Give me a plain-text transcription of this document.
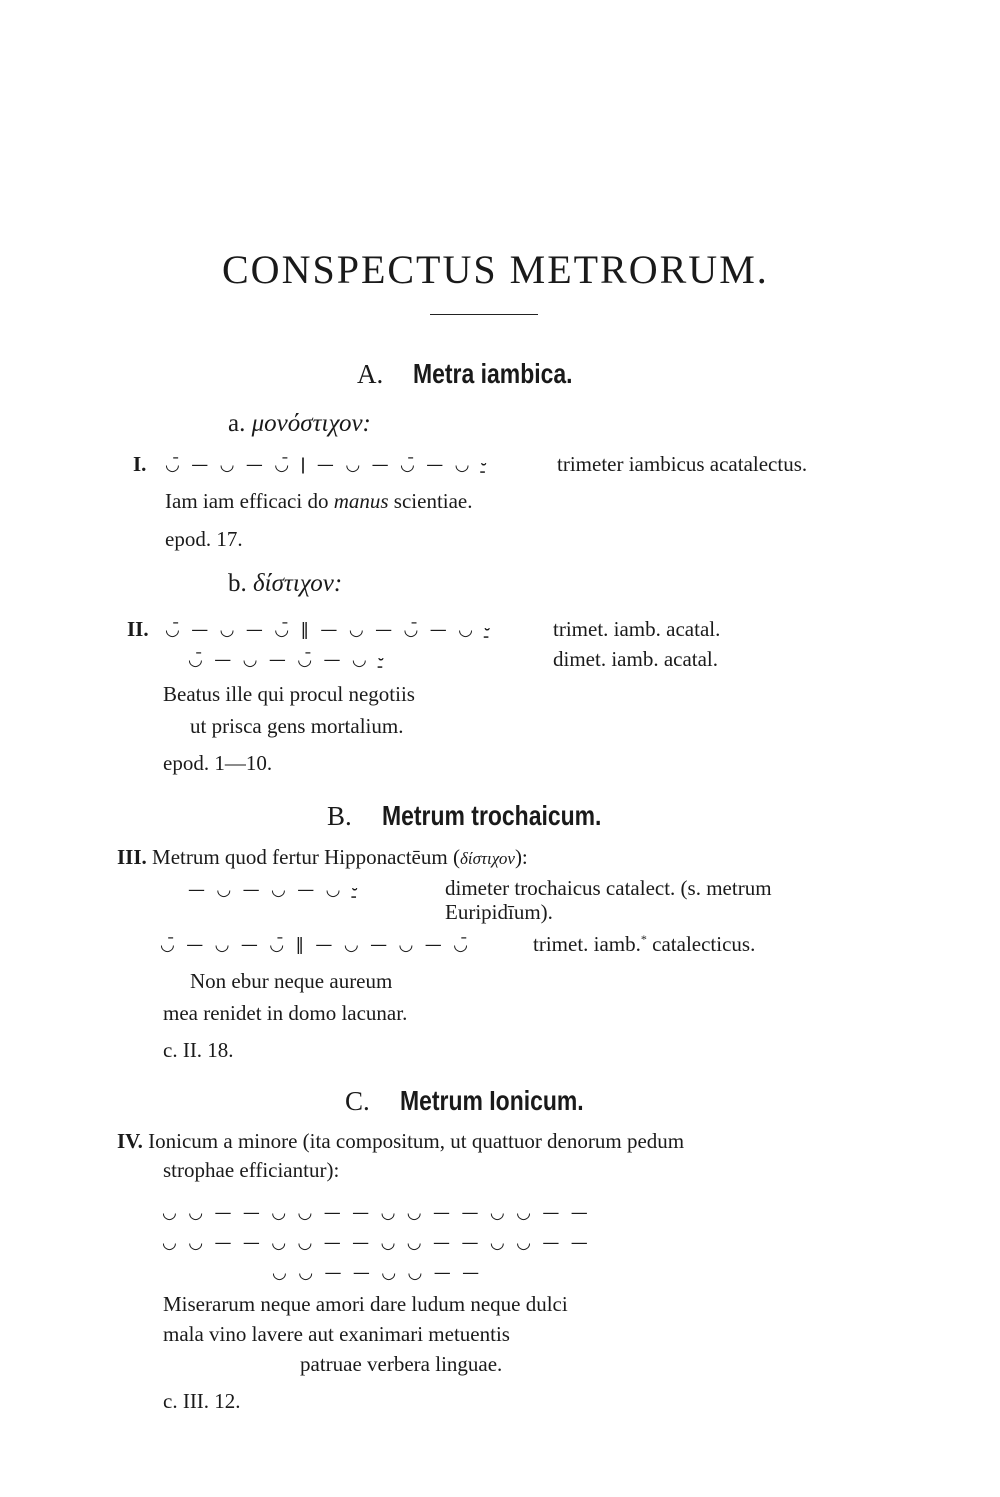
CONSPECTUS METRORUM.
A. Metra iambica.
a. μονόστιχον:
I. ◡̄ — ◡ — ◡̄ ǀ — ◡ — ◡̄ — ◡ ⏑̱	trimeter iambicus acatalectus.
Iam iam efficaci do manus scientiae.
epod. 17.
b. δίστιχον:
II. ◡̄ — ◡ — ◡̄ ‖ — ◡ — ◡̄ — ◡ ⏑̱	trimet. iamb. acatal.
◡̄ — ◡ — ◡̄ — ◡ ⏑̱	dimet. iamb. acatal.
Beatus ille qui procul negotiis
ut prisca gens mortalium.
epod. 1—10.
B. Metrum trochaicum.
III. Metrum quod fertur Hipponactēum (δίστιχον):
— ◡ — ◡ — ◡ ⏑̱	dimeter trochaicus catalect. (s. metrum
Euripidīum).
◡̄ — ◡ — ◡̄ ‖ — ◡ — ◡ — ◡̄	trimet. iamb.* catalecticus.
Non ebur neque aureum
mea renidet in domo lacunar.
c. II. 18.
C. Metrum Ionicum.
IV. Ionicum a minore (ita compositum, ut quattuor denorum pedum
strophae efficiantur):
◡ ◡ — — ◡ ◡ — — ◡ ◡ — — ◡ ◡ — —
◡ ◡ — — ◡ ◡ — — ◡ ◡ — — ◡ ◡ — —
◡ ◡ — — ◡ ◡ — —
Miserarum neque amori dare ludum neque dulci
mala vino lavere aut exanimari metuentis
patruae verbera linguae.
c. III. 12.
